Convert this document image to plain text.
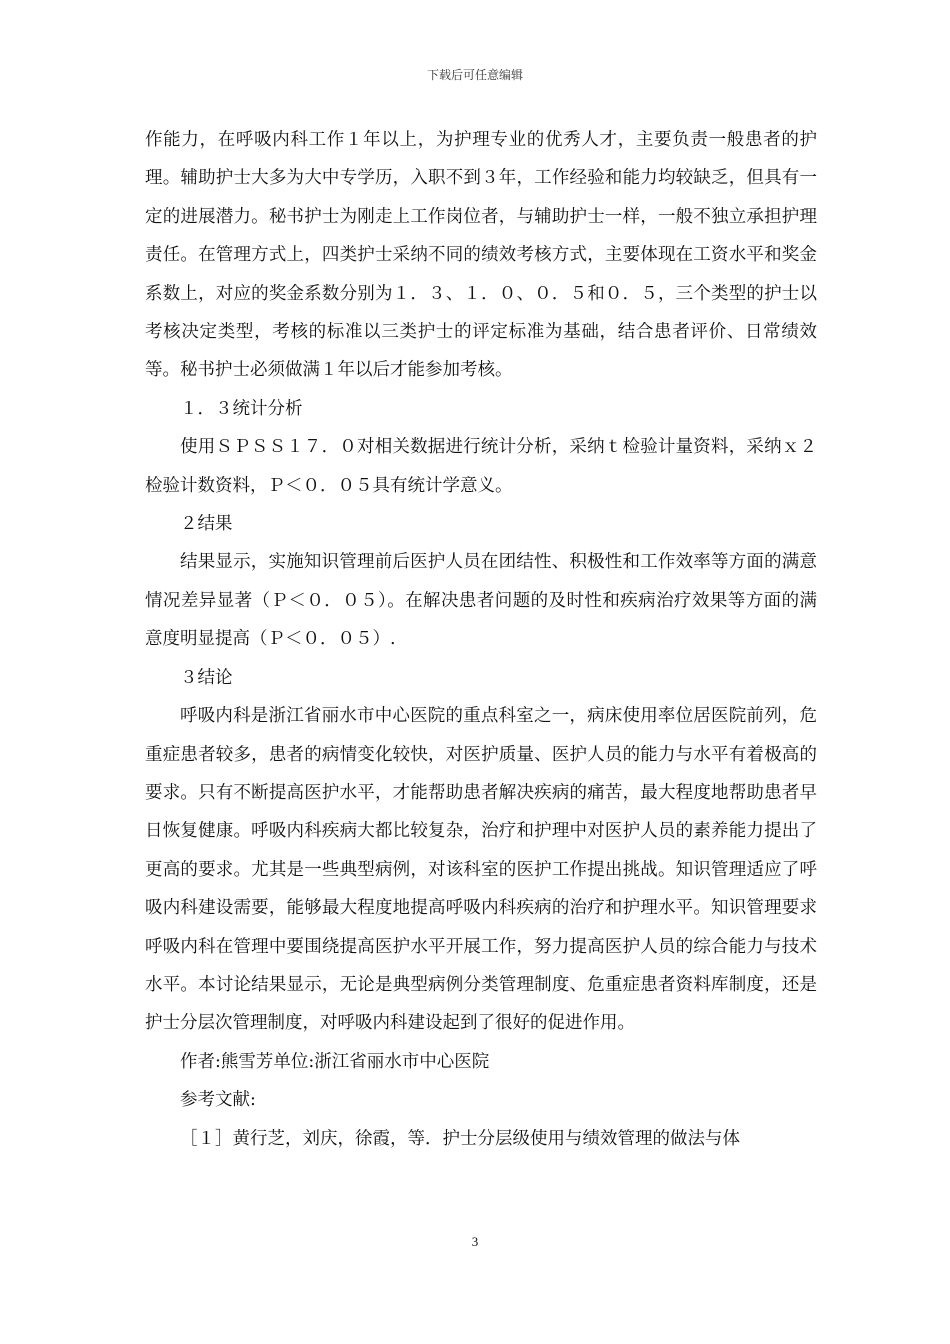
下载后可任意编辑

作能力，在呼吸内科工作１年以上，为护理专业的优秀人才，主要负责一般患者的护理。辅助护士大多为大中专学历，入职不到３年，工作经验和能力均较缺乏，但具有一定的进展潜力。秘书护士为刚走上工作岗位者，与辅助护士一样，一般不独立承担护理责任。在管理方式上，四类护士采纳不同的绩效考核方式，主要体现在工资水平和奖金系数上，对应的奖金系数分别为１．３、１．０、０．５和０．５，三个类型的护士以考核决定类型，考核的标准以三类护士的评定标准为基础，结合患者评价、日常绩效等。秘书护士必须做满１年以后才能参加考核。

１．３统计分析

使用ＳＰＳＳ１７．０对相关数据进行统计分析，采纳ｔ检验计量资料，采纳ｘ２检验计数资料，Ｐ＜０．０５具有统计学意义。

２结果

结果显示，实施知识管理前后医护人员在团结性、积极性和工作效率等方面的满意情况差异显著（Ｐ＜０．０５）。在解决患者问题的及时性和疾病治疗效果等方面的满意度明显提高（Ｐ＜０．０５）.

３结论

呼吸内科是浙江省丽水市中心医院的重点科室之一，病床使用率位居医院前列，危重症患者较多，患者的病情变化较快，对医护质量、医护人员的能力与水平有着极高的要求。只有不断提高医护水平，才能帮助患者解决疾病的痛苦，最大程度地帮助患者早日恢复健康。呼吸内科疾病大都比较复杂，治疗和护理中对医护人员的素养能力提出了更高的要求。尤其是一些典型病例，对该科室的医护工作提出挑战。知识管理适应了呼吸内科建设需要，能够最大程度地提高呼吸内科疾病的治疗和护理水平。知识管理要求呼吸内科在管理中要围绕提高医护水平开展工作，努力提高医护人员的综合能力与技术水平。本讨论结果显示，无论是典型病例分类管理制度、危重症患者资料库制度，还是护士分层次管理制度，对呼吸内科建设起到了很好的促进作用。

作者:熊雪芳单位:浙江省丽水市中心医院

参考文献:

［１］黄行芝，刘庆，徐霞，等．护士分层级使用与绩效管理的做法与体

3
